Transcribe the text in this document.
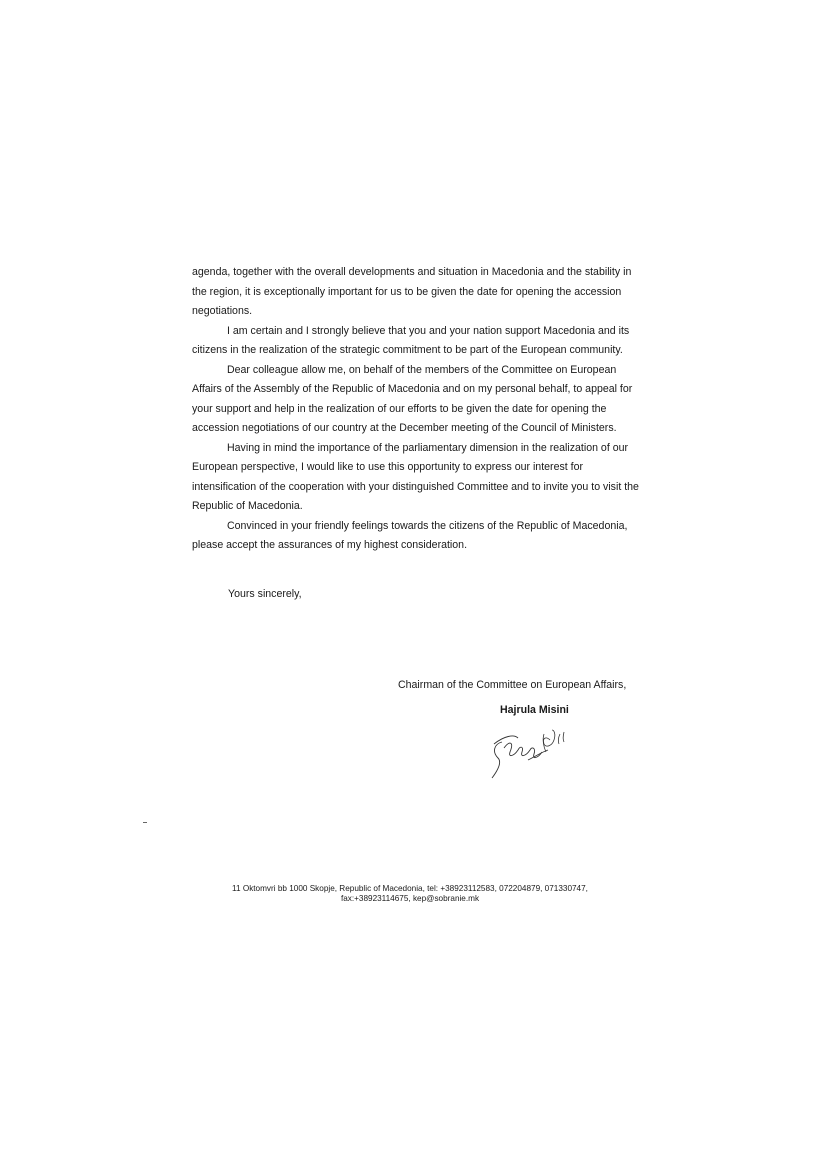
agenda, together with the overall developments and situation in Macedonia and the stability in the region, it is exceptionally important for us to be given the date for opening the accession negotiations.

I am certain and I strongly believe that you and your nation support Macedonia and its citizens in the realization of the strategic commitment to be part of the European community.

Dear colleague allow me, on behalf of the members of the Committee on European Affairs of the Assembly of the Republic of Macedonia and on my personal behalf, to appeal for your support and help in the realization of our efforts to be given the date for opening the accession negotiations of our country at the December meeting of the Council of Ministers.

Having in mind the importance of the parliamentary dimension in the realization of our European perspective, I would like to use this opportunity to express our interest for intensification of the cooperation with your distinguished Committee and to invite you to visit the Republic of Macedonia.

Convinced in your friendly feelings towards the citizens of the Republic of Macedonia, please accept the assurances of my highest consideration.

Yours sincerely,
Chairman of the Committee on European Affairs,
Hajrula Misini
11 Oktomvri bb 1000 Skopje, Republic of Macedonia, tel: +38923112583, 072204879, 071330747,
fax:+38923114675, kep@sobranie.mk
